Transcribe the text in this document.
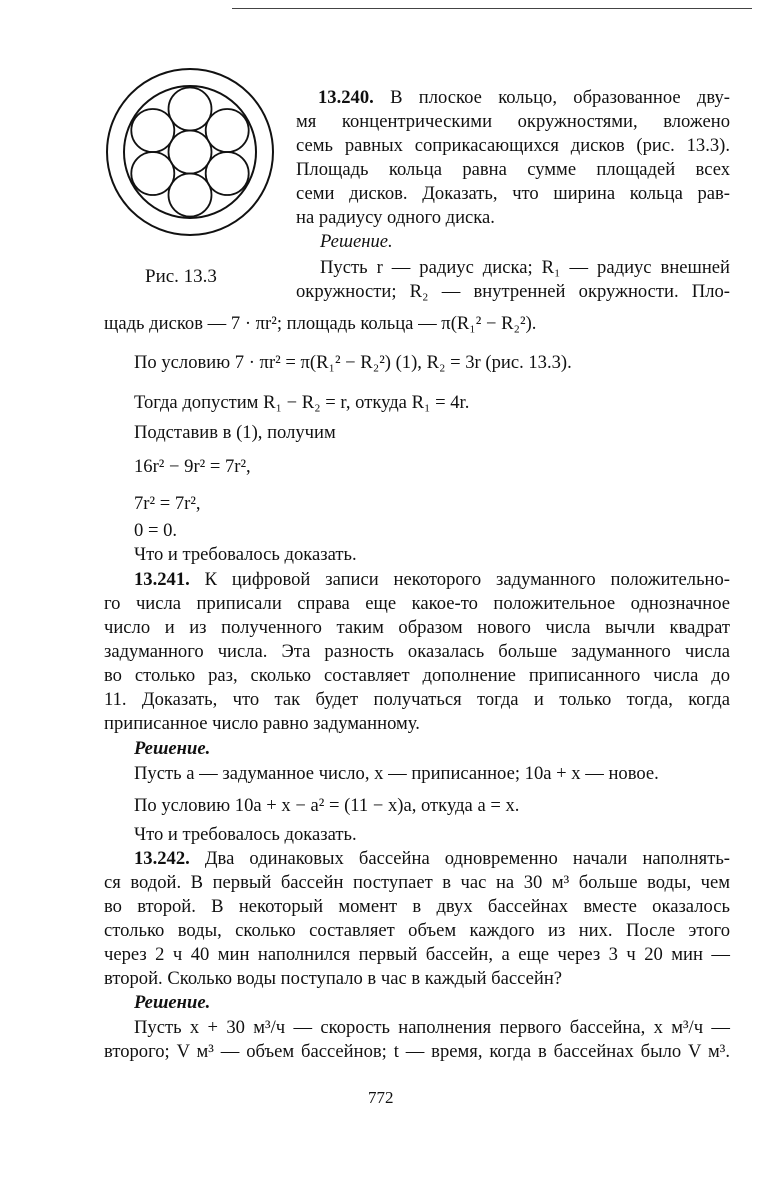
Рис. 13.3
13.240. В плоское кольцо, образованное дву-
мя концентрическими окружностями, вложено
семь равных соприкасающихся дисков (рис. 13.3).
Площадь кольца равна сумме площадей всех
семи дисков. Доказать, что ширина кольца рав-
на радиусу одного диска.
Решение.
Пусть r — радиус диска; R₁ — радиус внешней
окружности; R₂ — внутренней окружности. Пло-
щадь дисков — 7 · πr²; площадь кольца — π(R₁² − R₂²).
По условию 7 · πr² = π(R₁² − R₂²) (1), R₂ = 3r (рис. 13.3).
Тогда допустим R₁ − R₂ = r, откуда R₁ = 4r.
Подставив в (1), получим
16r² − 9r² = 7r²,
7r² = 7r²,
0 = 0.
Что и требовалось доказать.
13.241. К цифровой записи некоторого задуманного положительно-
го числа приписали справа еще какое-то положительное однозначное
число и из полученного таким образом нового числа вычли квадрат
задуманного числа. Эта разность оказалась больше задуманного числа
во столько раз, сколько составляет дополнение приписанного числа до
11. Доказать, что так будет получаться тогда и только тогда, когда
приписанное число равно задуманному.
Решение.
Пусть a — задуманное число, x — приписанное; 10a + x — новое.
По условию 10a + x − a² = (11 − x)a, откуда a = x.
Что и требовалось доказать.
13.242. Два одинаковых бассейна одновременно начали наполнять-
ся водой. В первый бассейн поступает в час на 30 м³ больше воды, чем
во второй. В некоторый момент в двух бассейнах вместе оказалось
столько воды, сколько составляет объем каждого из них. После этого
через 2 ч 40 мин наполнился первый бассейн, а еще через 3 ч 20 мин —
второй. Сколько воды поступало в час в каждый бассейн?
Решение.
Пусть x + 30 м³/ч — скорость наполнения первого бассейна, x м³/ч —
второго; V м³ — объем бассейнов; t — время, когда в бассейнах было V м³.
772
